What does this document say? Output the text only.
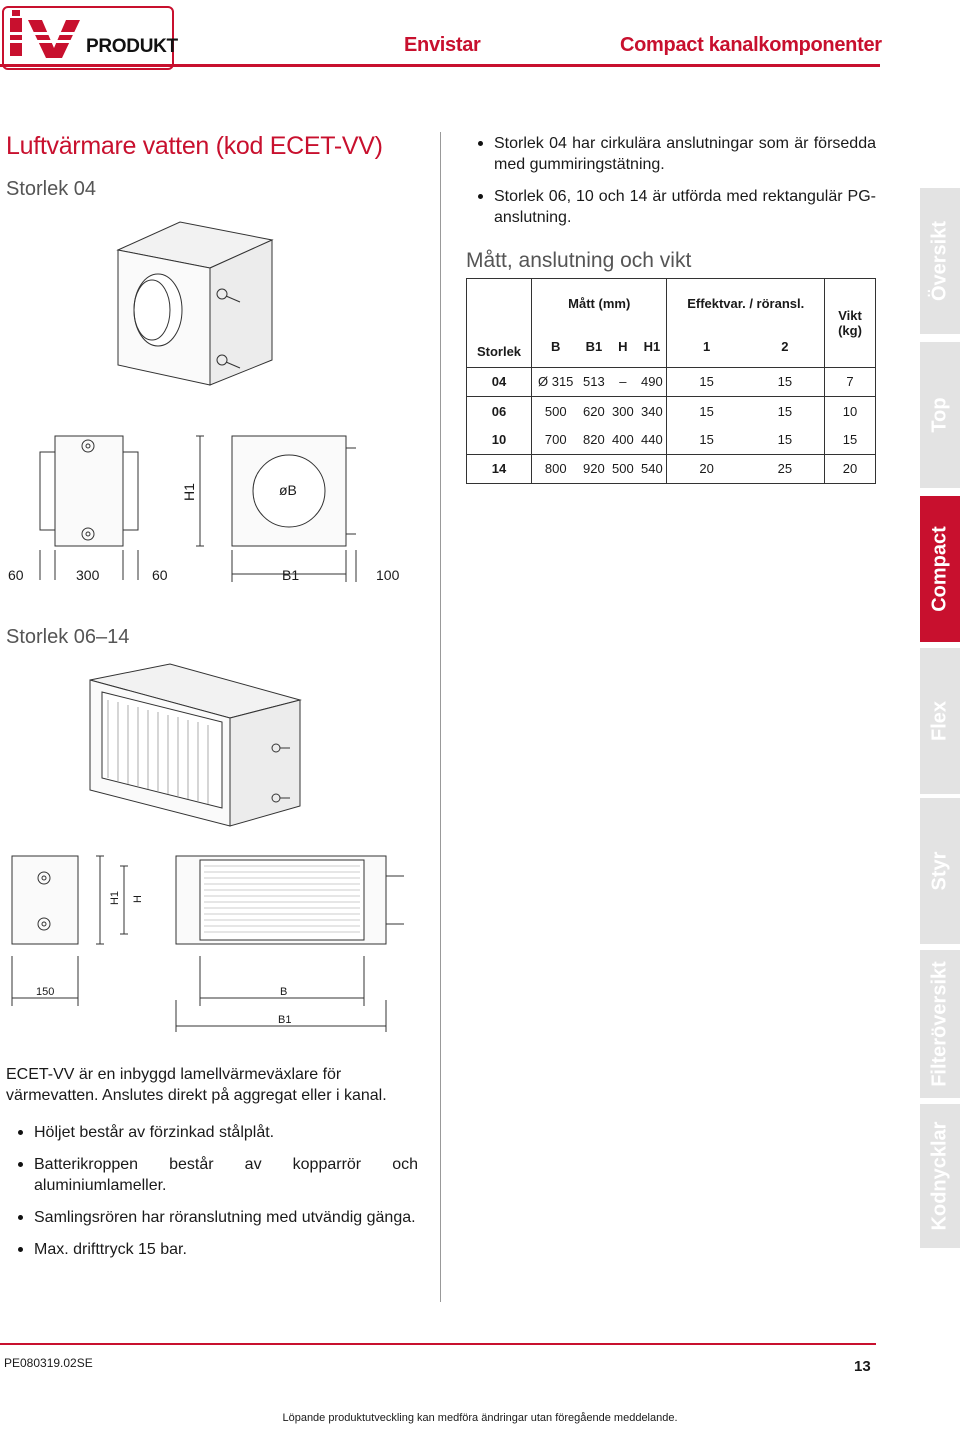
PRODUKT	Envistar	Compact kanalkomponenter
Luftvärmare vatten (kod ECET-VV)
Storlek 04
60	300	60	B1	100
H1	øB
Storlek 06–14
H1 H
150	B
B1
ECET-VV är en inbyggd lamellvärmeväxlare för värmevatten. Anslutes direkt på aggregat eller i kanal.
Höljet består av förzinkad stålplåt.
Batterikroppen består av kopparrör och aluminiumlameller.
Samlingsrören har röranslutning med utvändig gänga.
Max. drifttryck 15 bar.
Storlek 04 har cirkulära anslutningar som är försedda med gummiringstätning.
Storlek 06, 10 och 14 är utförda med rektangulär PG-anslutning.
Mått, anslutning och vikt
Storlek	Mått (mm)				Effektvar. / röransl.		Vikt (kg)
	B	B1	H	H1	1	2	
04	Ø 315	513	–	490	15	15	7
06	500	620	300	340	15	15	10
10	700	820	400	440	15	15	15
14	800	920	500	540	20	25	20
Översikt
Top
Compact
Flex
Styr
Filteröversikt
Kodnycklar
PE080319.02SE	13
Löpande produktutveckling kan medföra ändringar utan föregående meddelande.
